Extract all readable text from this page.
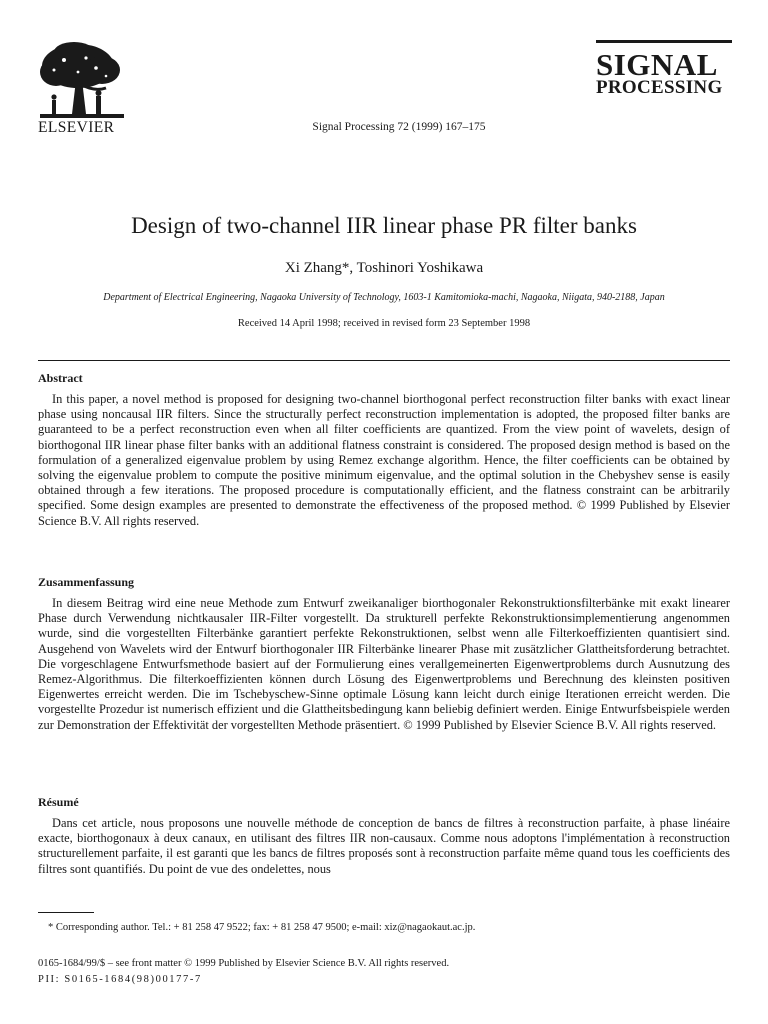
ELSEVIER	Signal Processing 72 (1999) 167–175
SIGNAL
PROCESSING
Design of two-channel IIR linear phase PR filter banks
Xi Zhang*, Toshinori Yoshikawa
Department of Electrical Engineering, Nagaoka University of Technology, 1603-1 Kamitomioka-machi, Nagaoka, Niigata, 940-2188, Japan
Received 14 April 1998; received in revised form 23 September 1998

Abstract

In this paper, a novel method is proposed for designing two-channel biorthogonal perfect reconstruction filter banks with exact linear phase using noncausal IIR filters. Since the structurally perfect reconstruction implementation is adopted, the proposed filter banks are guaranteed to be a perfect reconstruction even when all filter coefficients are quantized. From the view point of wavelets, design of biorthogonal IIR linear phase filter banks with an additional flatness constraint is considered. The proposed design method is based on the formulation of a generalized eigenvalue problem by using Remez exchange algorithm. Hence, the filter coefficients can be obtained by solving the eigenvalue problem to compute the positive minimum eigenvalue, and the optimal solution in the Chebyshev sense is easily obtained through a few iterations. The proposed procedure is computationally efficient, and the flatness constraint can be arbitrarily specified. Some design examples are presented to demonstrate the effectiveness of the proposed method. © 1999 Published by Elsevier Science B.V. All rights reserved.

Zusammenfassung

In diesem Beitrag wird eine neue Methode zum Entwurf zweikanaliger biorthogonaler Rekonstruktionsfilterbänke mit exakt linearer Phase durch Verwendung nichtkausaler IIR-Filter vorgestellt. Da strukturell perfekte Rekonstruktionsimplementierung angenommen wurde, sind die vorgestellten Filterbänke garantiert perfekte Rekonstruktionen, selbst wenn alle Filterkoeffizienten quantisiert sind. Ausgehend von Wavelets wird der Entwurf biorthogonaler IIR Filterbänke linearer Phase mit zusätzlicher Glattheitsforderung betrachtet. Die vorgeschlagene Entwurfsmethode basiert auf der Formulierung eines verallgemeinerten Eigenwertproblems durch Ausnutzung des Remez-Algorithmus. Die filterkoeffizienten können durch Lösung des Eigenwertproblems und Berechnung des kleinsten positiven Eigenwertes erreicht werden. Die im Tschebyschew-Sinne optimale Lösung kann leicht durch einige Iterationen erreicht werden. Die vorgestellte Prozedur ist numerisch effizient und die Glattheitsbedingung kann beliebig definiert werden. Einige Entwurfsbeispiele werden zur Demonstration der Effektivität der vorgestellten Methode präsentiert. © 1999 Published by Elsevier Science B.V. All rights reserved.

Résumé

Dans cet article, nous proposons une nouvelle méthode de conception de bancs de filtres à reconstruction parfaite, à phase linéaire exacte, biorthogonaux à deux canaux, en utilisant des filtres IIR non-causaux. Comme nous adoptons l'implémentation à reconstruction structurellement parfaite, il est garanti que les bancs de filtres proposés sont à reconstruction parfaite même quand tous les coefficients des filtres sont quantifiés. Du point de vue des ondelettes, nous

* Corresponding author. Tel.: + 81 258 47 9522; fax: + 81 258 47 9500; e-mail: xiz@nagaokaut.ac.jp.
0165-1684/99/$ – see front matter © 1999 Published by Elsevier Science B.V. All rights reserved.
PII: S0165-1684(98)00177-7
